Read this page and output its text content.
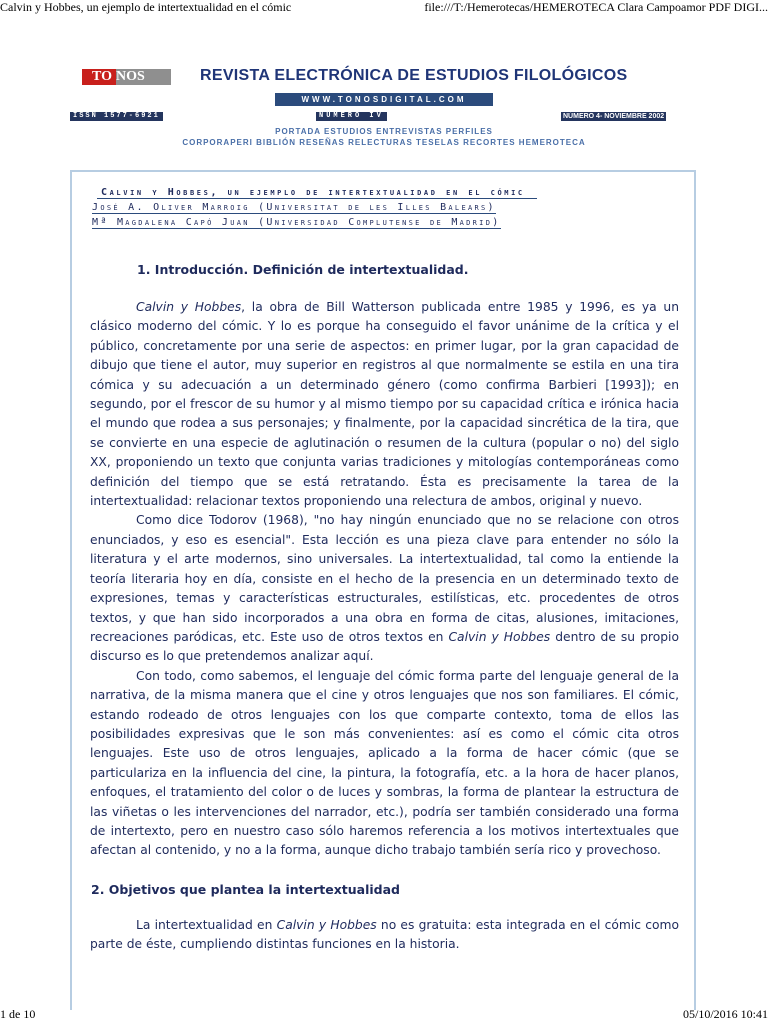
Calvin y Hobbes, un ejemplo de intertextualidad en el cómic	file:///T:/Hemerotecas/HEMEROTECA Clara Campoamor PDF DIGI...
TO NOS	REVISTA ELECTRÓNICA DE ESTUDIOS FILOLÓGICOS
WWW.TONOSDIGITAL.COM
ISSN 1577-6921	NÚMERO IV	NÚMERO 4- NOVIEMBRE 2002
PORTADA ESTUDIOS ENTREVISTAS PERFILES
CORPORAPERI BIBLIÓN RESEÑAS RELECTURAS TESELAS RECORTES HEMEROTECA
Calvin y Hobbes, un ejemplo de intertextualidad en el cómic
José A. Oliver Marroig (Universitat de les Illes Balears)
Mª Magdalena Capó Juan (Universidad Complutense de Madrid)
1. Introducción. Definición de intertextualidad.

Calvin y Hobbes, la obra de Bill Watterson publicada entre 1985 y 1996, es ya un clásico moderno del cómic. Y lo es porque ha conseguido el favor unánime de la crítica y el público, concretamente por una serie de aspectos: en primer lugar, por la gran capacidad de dibujo que tiene el autor, muy superior en registros al que normalmente se estila en una tira cómica y su adecuación a un determinado género (como confirma Barbieri [1993]); en segundo, por el frescor de su humor y al mismo tiempo por su capacidad crítica e irónica hacia el mundo que rodea a sus personajes; y finalmente, por la capacidad sincrética de la tira, que se convierte en una especie de aglutinación o resumen de la cultura (popular o no) del siglo XX, proponiendo un texto que conjunta varias tradiciones y mitologías contemporáneas como definición del tiempo que se está retratando. Ésta es precisamente la tarea de la intertextualidad: relacionar textos proponiendo una relectura de ambos, original y nuevo.

Como dice Todorov (1968), "no hay ningún enunciado que no se relacione con otros enunciados, y eso es esencial". Esta lección es una pieza clave para entender no sólo la literatura y el arte modernos, sino universales. La intertextualidad, tal como la entiende la teoría literaria hoy en día, consiste en el hecho de la presencia en un determinado texto de expresiones, temas y características estructurales, estilísticas, etc. procedentes de otros textos, y que han sido incorporados a una obra en forma de citas, alusiones, imitaciones, recreaciones paródicas, etc. Este uso de otros textos en Calvin y Hobbes dentro de su propio discurso es lo que pretendemos analizar aquí.

Con todo, como sabemos, el lenguaje del cómic forma parte del lenguaje general de la narrativa, de la misma manera que el cine y otros lenguajes que nos son familiares. El cómic, estando rodeado de otros lenguajes con los que comparte contexto, toma de ellos las posibilidades expresivas que le son más convenientes: así es como el cómic cita otros lenguajes. Este uso de otros lenguajes, aplicado a la forma de hacer cómic (que se particulariza en la influencia del cine, la pintura, la fotografía, etc. a la hora de hacer planos, enfoques, el tratamiento del color o de luces y sombras, la forma de plantear la estructura de las viñetas o les intervenciones del narrador, etc.), podría ser también considerado una forma de intertexto, pero en nuestro caso sólo haremos referencia a los motivos intertextuales que afectan al contenido, y no a la forma, aunque dicho trabajo también sería rico y provechoso.

2. Objetivos que plantea la intertextualidad

La intertextualidad en Calvin y Hobbes no es gratuita: esta integrada en el cómic como parte de éste, cumpliendo distintas funciones en la historia.

1 de 10	05/10/2016 10:41
